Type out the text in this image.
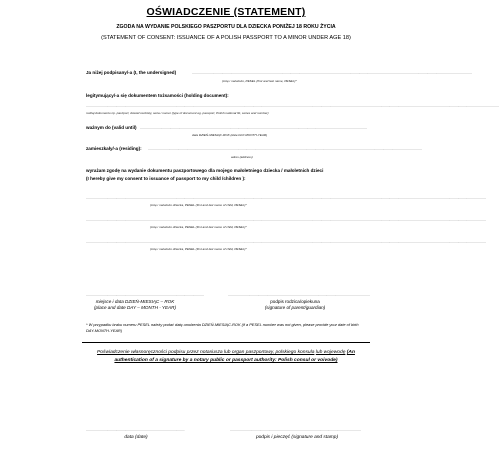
OŚWIADCZENIE (STATEMENT)
ZGODA NA WYDANIE POLSKIEGO PASZPORTU DLA DZIECKA PONIŻEJ 18 ROKU ŻYCIA
(STATEMENT OF CONSENT: ISSUANCE OF A POLISH PASSPORT TO A MINOR UNDER AGE 18)
Ja niżej podpisany/-a (I, the undersigned)	............................................................................................................................................................................................................................................................................................
(imię i nazwisko, PESEL (first and last name, PESEL)*
legitymujący/-a się dokumentem tożsamości (holding document):
...................................................................................................................................................................................................................................................................................................................................................................................................................................
rodzaj dokumentu np. paszport, dowód osobisty, seria i numer (type of document eg. passport, Polish national ID, series and number)
ważnym do (valid until) ......................................................................................................................................................................................................................................
data DZIEŃ-MIESIĄC-ROK (date DAY-MONTH-YEAR)
zamieszkały/-a (residing): ......................................................................................................................................................................................................................................................................................
adres (address)
wyrażam zgodę na wydanie dokumentu paszportowego dla mojego małoletniego dziecka / małoletnich dzieci
(I hereby give my consent to issuance of passport to my child /children ):
......................................................................................................................................................................................................................................................................................................................................................................................................................
(imię i nazwisko dziecka, PESEL (first and last name of child, PESEL)*
......................................................................................................................................................................................................................................................................................................................................................................................................................
(imię i nazwisko dziecka, PESEL (first and last name of child, PESEL)*
......................................................................................................................................................................................................................................................................................................................................................................................................................
(imię i nazwisko dziecka, PESEL (first and last name of child, PESEL)*
........................................................................................................................	................................................................................................................................................
miejsce i data DZIEŃ-MIESIĄC – ROK
(place and date DAY – MONTH - YEAR)
podpis rodzica/opiekuna
(signature of parent/guardian)
* W przypadku braku numeru PESEL należy podać datę urodzenia DZIEŃ-MIESIĄC-ROK (if a PESEL number was not given, please provide your date of birth DAY-MONTH-YEAR)
Poświadczenie własnoręczności podpisu przez notariusza lub organ paszportowy, polskiego konsula lub wojewodę (An authentication of a signature by a notary public or passport authority: Polish consul or voivode)
....................................................................................................	.....................................................................................................................................
data (date)	podpis i pieczęć (signature and stamp)
